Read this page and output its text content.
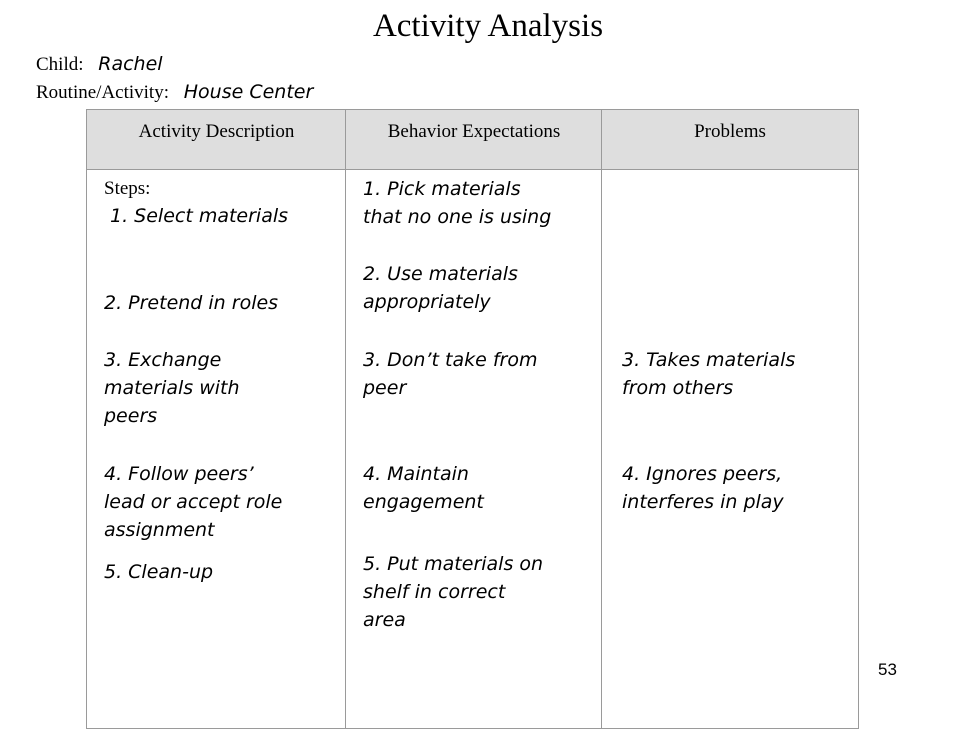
Activity Analysis
Child: Rachel
Routine/Activity: House Center
Activity Description	Behavior Expectations	Problems
Steps:
1. Select materials
2. Pretend in roles
3. Exchange
materials with
peers
4. Follow peers’
lead or accept role
assignment
5. Clean-up
1. Pick materials
that no one is using
2. Use materials
appropriately
3. Don’t take from
peer
4. Maintain
engagement
5. Put materials on
shelf in correct
area
3. Takes materials
from others
4. Ignores peers,
interferes in play
53
